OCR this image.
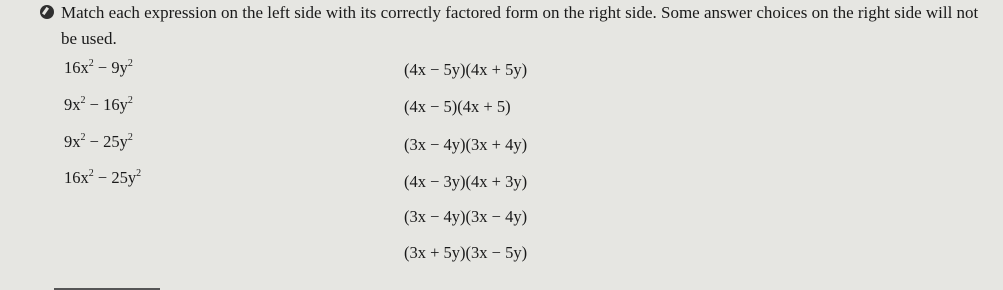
Match each expression on the left side with its correctly factored form on the right side. Some answer choices on the right side will not be used.

$16x^2 - 9y^2$
$9x^2 - 16y^2$
$9x^2 - 25y^2$
$16x^2 - 25y^2$
(4x − 5y)(4x + 5y)
(4x − 5)(4x + 5)
(3x − 4y)(3x + 4y)
(4x − 3y)(4x + 3y)
(3x − 4y)(3x − 4y)
(3x + 5y)(3x − 5y)
